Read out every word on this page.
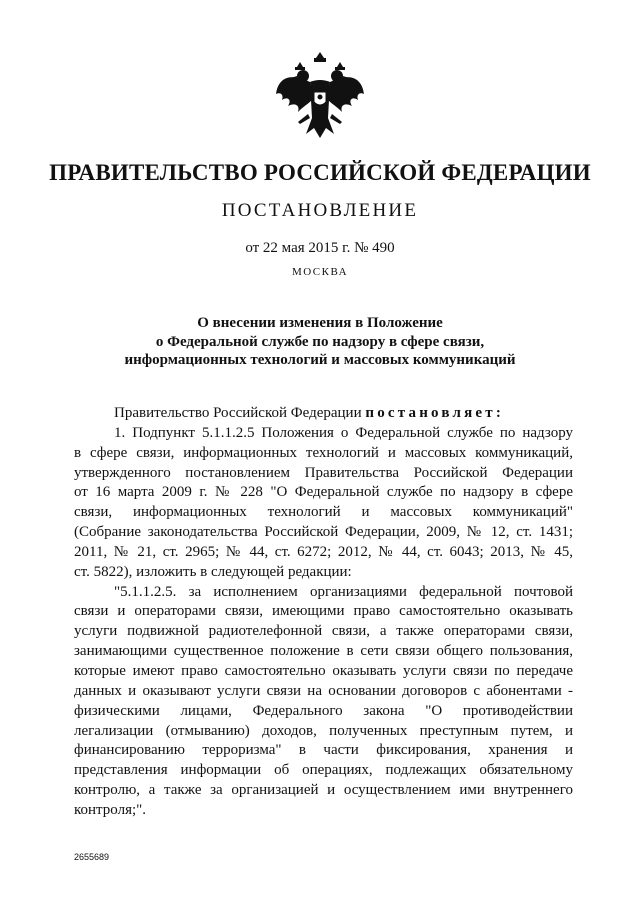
ПРАВИТЕЛЬСТВО РОССИЙСКОЙ ФЕДЕРАЦИИ
ПОСТАНОВЛЕНИЕ
от 22 мая 2015 г. № 490
МОСКВА
О внесении изменения в Положение
о Федеральной службе по надзору в сфере связи,
информационных технологий и массовых коммуникаций
Правительство Российской Федерации постановляет:
1. Подпункт 5.1.1.2.5 Положения о Федеральной службе по надзору
в сфере связи, информационных технологий и массовых коммуникаций,
утвержденного постановлением Правительства Российской Федерации
от 16 марта 2009 г. № 228 "О Федеральной службе по надзору в сфере
связи, информационных технологий и массовых коммуникаций"
(Собрание законодательства Российской Федерации, 2009, № 12, ст. 1431;
2011, № 21, ст. 2965; № 44, ст. 6272; 2012, № 44, ст. 6043; 2013, № 45,
ст. 5822), изложить в следующей редакции:
"5.1.1.2.5. за исполнением организациями федеральной почтовой
связи и операторами связи, имеющими право самостоятельно оказывать
услуги подвижной радиотелефонной связи, а также операторами связи,
занимающими существенное положение в сети связи общего пользования,
которые имеют право самостоятельно оказывать услуги связи по передаче
данных и оказывают услуги связи на основании договоров с абонентами -
физическими лицами, Федерального закона "О противодействии
легализации (отмыванию) доходов, полученных преступным путем, и
финансированию терроризма" в части фиксирования, хранения и
представления информации об операциях, подлежащих обязательному
контролю, а также за организацией и осуществлением ими внутреннего
контроля;".
2655689
